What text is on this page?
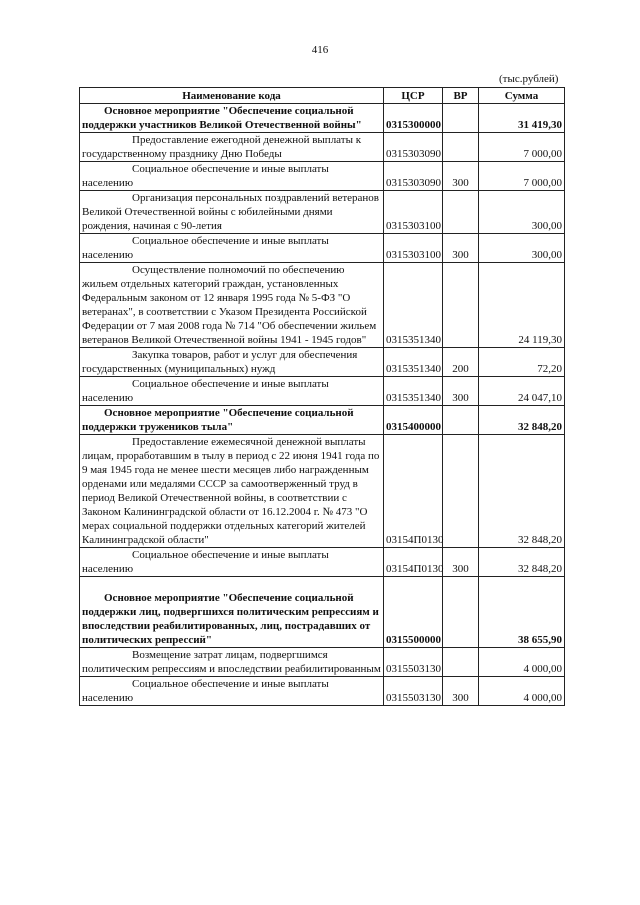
416
(тыс.рублей)
Наименование кода	ЦСР	ВР	Сумма
Основное мероприятие "Обеспечение социальной поддержки участников Великой Отечественной войны"	0315300000		31 419,30
Предоставление ежегодной денежной выплаты к государственному празднику Дню Победы	0315303090		7 000,00
Социальное обеспечение и иные выплаты населению	0315303090	300	7 000,00
Организация персональных поздравлений ветеранов Великой Отечественной войны с юбилейными днями рождения, начиная с 90-летия	0315303100		300,00
Социальное обеспечение и иные выплаты населению	0315303100	300	300,00
Осуществление полномочий по обеспечению жильем отдельных категорий граждан, установленных Федеральным законом от 12 января 1995 года № 5-ФЗ "О ветеранах", в соответствии с Указом Президента Российской Федерации от 7 мая 2008 года № 714 "Об обеспечении жильем ветеранов Великой Отечественной войны 1941 - 1945 годов"	0315351340		24 119,30
Закупка товаров, работ и услуг для обеспечения государственных (муниципальных) нужд	0315351340	200	72,20
Социальное обеспечение и иные выплаты населению	0315351340	300	24 047,10
Основное мероприятие "Обеспечение социальной поддержки тружеников тыла"	0315400000		32 848,20
Предоставление ежемесячной денежной выплаты лицам, проработавшим в тылу в период с 22 июня 1941 года по 9 мая 1945 года не менее шести месяцев либо награжденным орденами или медалями СССР за самоотверженный труд в период Великой Отечественной войны, в соответствии с Законом Калининградской области от 16.12.2004 г. № 473 "О мерах социальной поддержки отдельных категорий жителей Калининградской области"	03154П0130		32 848,20
Социальное обеспечение и иные выплаты населению	03154П0130	300	32 848,20
Основное мероприятие "Обеспечение социальной поддержки лиц, подвергшихся политическим репрессиям и впоследствии реабилитированных, лиц, пострадавших от политических репрессий"	0315500000		38 655,90
Возмещение затрат лицам, подвергшимся политическим репрессиям и впоследствии реабилитированным	0315503130		4 000,00
Социальное обеспечение и иные выплаты населению	0315503130	300	4 000,00
